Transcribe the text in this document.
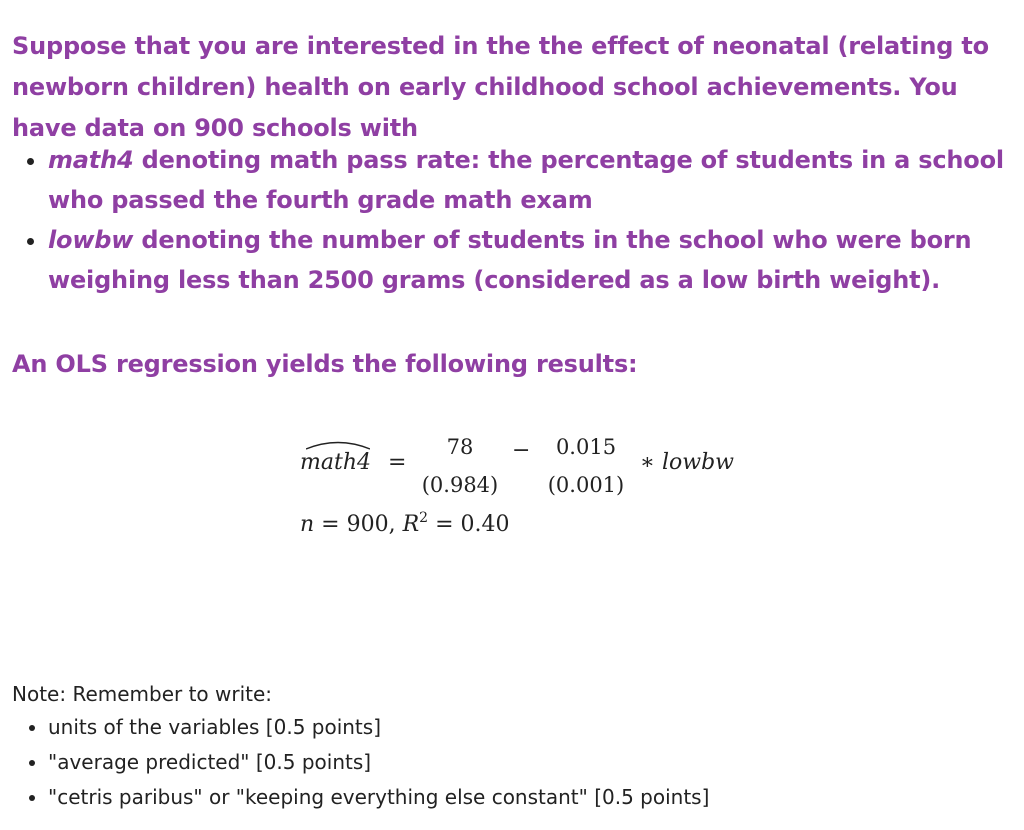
Suppose that you are interested in the the effect of neonatal (relating to newborn children) health on early childhood school achievements. You have data on 900 schools with

• math4 denoting math pass rate: the percentage of students in a school who passed the fourth grade math exam
• lowbw denoting the number of students in the school who were born weighing less than 2500 grams (considered as a low birth weight).

An OLS regression yields the following results:

math4 =
78
(0.984)
−	0.015
(0.001)
∗ lowbw
n = 900, $R^2 = 0.40$

Note: Remember to write:

• units of the variables [0.5 points]
• "average predicted" [0.5 points]
• "cetris paribus" or "keeping everything else constant" [0.5 points]
